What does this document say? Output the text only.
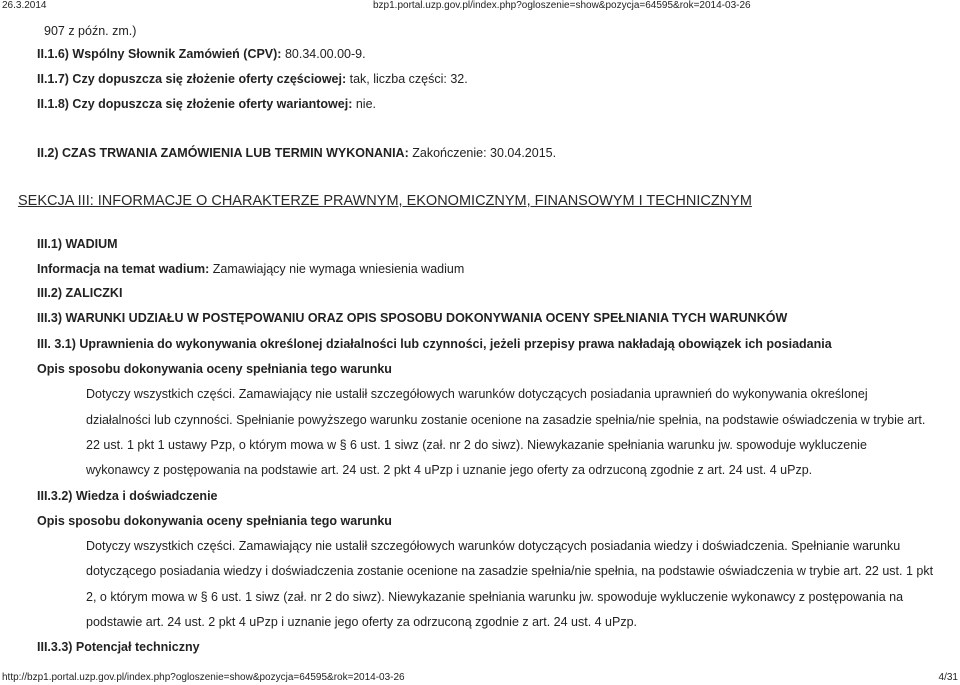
26.3.2014	bzp1.portal.uzp.gov.pl/index.php?ogloszenie=show&pozycja=64595&rok=2014-03-26
907 z późn. zm.)
II.1.6) Wspólny Słownik Zamówień (CPV): 80.34.00.00-9.
II.1.7) Czy dopuszcza się złożenie oferty częściowej: tak, liczba części: 32.
II.1.8) Czy dopuszcza się złożenie oferty wariantowej: nie.
II.2) CZAS TRWANIA ZAMÓWIENIA LUB TERMIN WYKONANIA: Zakończenie: 30.04.2015.
SEKCJA III: INFORMACJE O CHARAKTERZE PRAWNYM, EKONOMICZNYM, FINANSOWYM I TECHNICZNYM
III.1) WADIUM
Informacja na temat wadium: Zamawiający nie wymaga wniesienia wadium
III.2) ZALICZKI
III.3) WARUNKI UDZIAŁU W POSTĘPOWANIU ORAZ OPIS SPOSOBU DOKONYWANIA OCENY SPEŁNIANIA TYCH WARUNKÓW
III. 3.1) Uprawnienia do wykonywania określonej działalności lub czynności, jeżeli przepisy prawa nakładają obowiązek ich posiadania
Opis sposobu dokonywania oceny spełniania tego warunku
Dotyczy wszystkich części. Zamawiający nie ustalił szczegółowych warunków dotyczących posiadania uprawnień do wykonywania określonej
działalności lub czynności. Spełnianie powyższego warunku zostanie ocenione na zasadzie spełnia/nie spełnia, na podstawie oświadczenia w trybie art.
22 ust. 1 pkt 1 ustawy Pzp, o którym mowa w § 6 ust. 1 siwz (zał. nr 2 do siwz). Niewykazanie spełniania warunku jw. spowoduje wykluczenie
wykonawcy z postępowania na podstawie art. 24 ust. 2 pkt 4 uPzp i uznanie jego oferty za odrzuconą zgodnie z art. 24 ust. 4 uPzp.
III.3.2) Wiedza i doświadczenie
Opis sposobu dokonywania oceny spełniania tego warunku
Dotyczy wszystkich części. Zamawiający nie ustalił szczegółowych warunków dotyczących posiadania wiedzy i doświadczenia. Spełnianie warunku
dotyczącego posiadania wiedzy i doświadczenia zostanie ocenione na zasadzie spełnia/nie spełnia, na podstawie oświadczenia w trybie art. 22 ust. 1 pkt
2, o którym mowa w § 6 ust. 1 siwz (zał. nr 2 do siwz). Niewykazanie spełniania warunku jw. spowoduje wykluczenie wykonawcy z postępowania na
podstawie art. 24 ust. 2 pkt 4 uPzp i uznanie jego oferty za odrzuconą zgodnie z art. 24 ust. 4 uPzp.
III.3.3) Potencjał techniczny
http://bzp1.portal.uzp.gov.pl/index.php?ogloszenie=show&pozycja=64595&rok=2014-03-26	4/31
